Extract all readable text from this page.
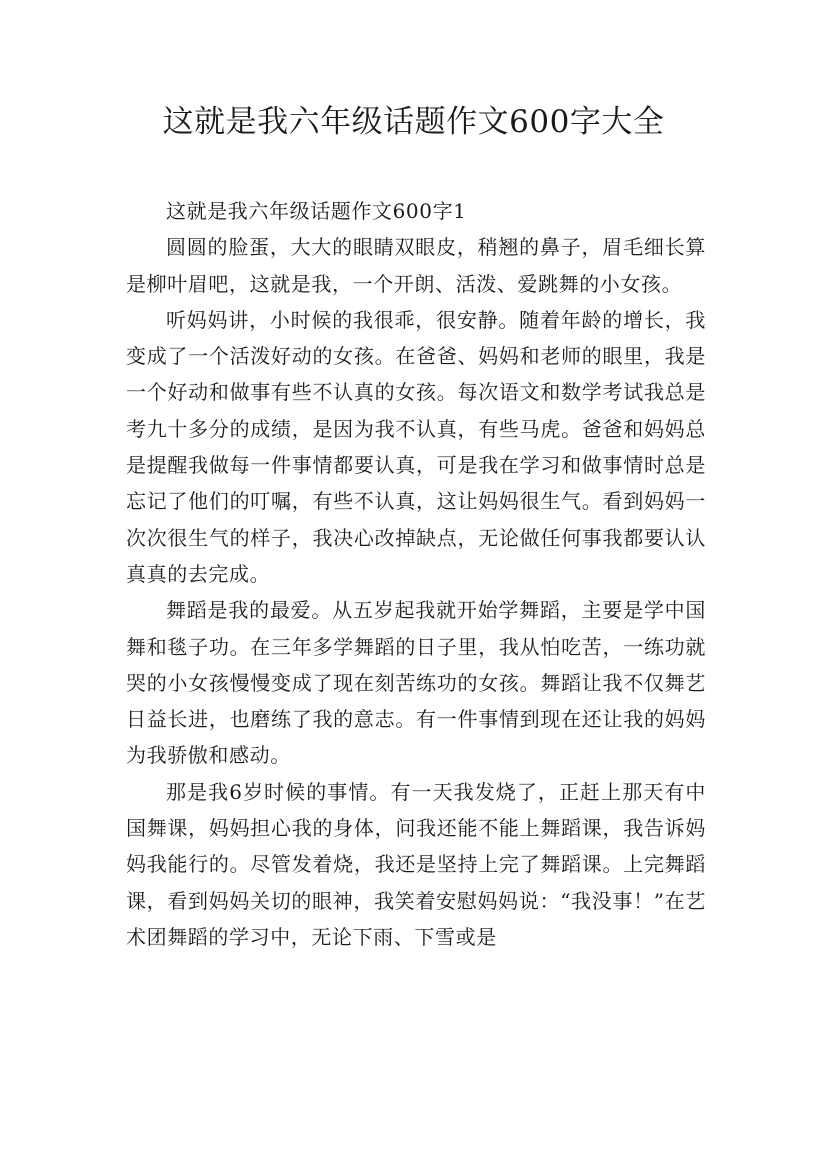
这就是我六年级话题作文600字大全

这就是我六年级话题作文600字1

圆圆的脸蛋，大大的眼睛双眼皮，稍翘的鼻子，眉毛细长算是柳叶眉吧，这就是我，一个开朗、活泼、爱跳舞的小女孩。

听妈妈讲，小时候的我很乖，很安静。随着年龄的增长，我变成了一个活泼好动的女孩。在爸爸、妈妈和老师的眼里，我是一个好动和做事有些不认真的女孩。每次语文和数学考试我总是考九十多分的成绩，是因为我不认真，有些马虎。爸爸和妈妈总是提醒我做每一件事情都要认真，可是我在学习和做事情时总是忘记了他们的叮嘱，有些不认真，这让妈妈很生气。看到妈妈一次次很生气的样子，我决心改掉缺点，无论做任何事我都要认认真真的去完成。

舞蹈是我的最爱。从五岁起我就开始学舞蹈，主要是学中国舞和毯子功。在三年多学舞蹈的日子里，我从怕吃苦，一练功就哭的小女孩慢慢变成了现在刻苦练功的女孩。舞蹈让我不仅舞艺日益长进，也磨练了我的意志。有一件事情到现在还让我的妈妈为我骄傲和感动。

那是我6岁时候的事情。有一天我发烧了，正赶上那天有中国舞课，妈妈担心我的身体，问我还能不能上舞蹈课，我告诉妈妈我能行的。尽管发着烧，我还是坚持上完了舞蹈课。上完舞蹈课，看到妈妈关切的眼神，我笑着安慰妈妈说：“我没事！”在艺术团舞蹈的学习中，无论下雨、下雪或是
